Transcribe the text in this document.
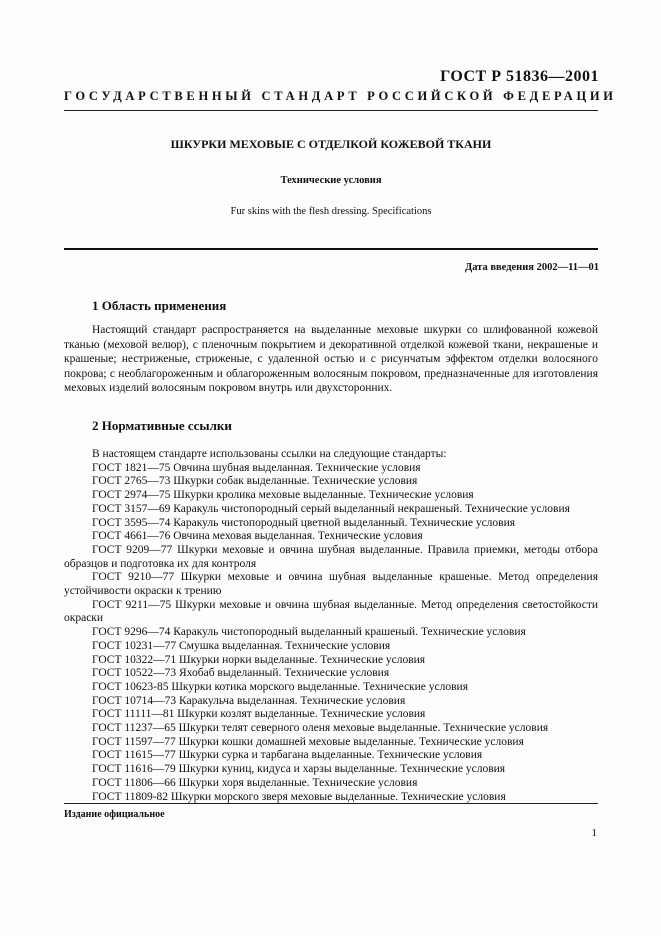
ГОСТ Р 51836—2001
ГОСУДАРСТВЕННЫЙ СТАНДАРТ РОССИЙСКОЙ ФЕДЕРАЦИИ
ШКУРКИ МЕХОВЫЕ С ОТДЕЛКОЙ КОЖЕВОЙ ТКАНИ
Технические условия
Fur skins with the flesh dressing. Specifications
Дата введения 2002—11—01
1 Область применения
Настоящий стандарт распространяется на выделанные меховые шкурки со шлифованной кожевой тканью (меховой велюр), с пленочным покрытием и декоративной отделкой кожевой ткани, некрашеные и крашеные; нестриженые, стриженые, с удаленной остью и с рисунчатым эффектом отделки волосяного покрова; с необлагороженным и облагороженным волосяным покровом, предназначенные для изготовления меховых изделий волосяным покровом внутрь или двухсторонних.
2 Нормативные ссылки
В настоящем стандарте использованы ссылки на следующие стандарты:
ГОСТ 1821—75 Овчина шубная выделанная. Технические условия
ГОСТ 2765—73 Шкурки собак выделанные. Технические условия
ГОСТ 2974—75 Шкурки кролика меховые выделанные. Технические условия
ГОСТ 3157—69 Каракуль чистопородный серый выделанный некрашеный. Технические условия
ГОСТ 3595—74 Каракуль чистопородный цветной выделанный. Технические условия
ГОСТ 4661—76 Овчина меховая выделанная. Технические условия
ГОСТ 9209—77 Шкурки меховые и овчина шубная выделанные. Правила приемки, методы отбора образцов и подготовка их для контроля
ГОСТ 9210—77 Шкурки меховые и овчина шубная выделанные крашеные. Метод определения устойчивости окраски к трению
ГОСТ 9211—75 Шкурки меховые и овчина шубная выделанные. Метод определения светостойкости окраски
ГОСТ 9296—74 Каракуль чистопородный выделанный крашеный. Технические условия
ГОСТ 10231—77 Смушка выделанная. Технические условия
ГОСТ 10322—71 Шкурки норки выделанные. Технические условия
ГОСТ 10522—73 Яхобаб выделанный. Технические условия
ГОСТ 10623-85 Шкурки котика морского выделанные. Технические условия
ГОСТ 10714—73 Каракульча выделанная. Технические условия
ГОСТ 11111—81 Шкурки козлят выделанные. Технические условия
ГОСТ 11237—65 Шкурки телят северного оленя меховые выделанные. Технические условия
ГОСТ 11597—77 Шкурки кошки домашней меховые выделанные. Технические условия
ГОСТ 11615—77 Шкурки сурка и тарбагана выделанные. Технические условия
ГОСТ 11616—79 Шкурки куниц, кидуса и харзы выделанные. Технические условия
ГОСТ 11806—66 Шкурки хоря выделанные. Технические условия
ГОСТ 11809-82 Шкурки морского зверя меховые выделанные. Технические условия
Издание официальное
1
